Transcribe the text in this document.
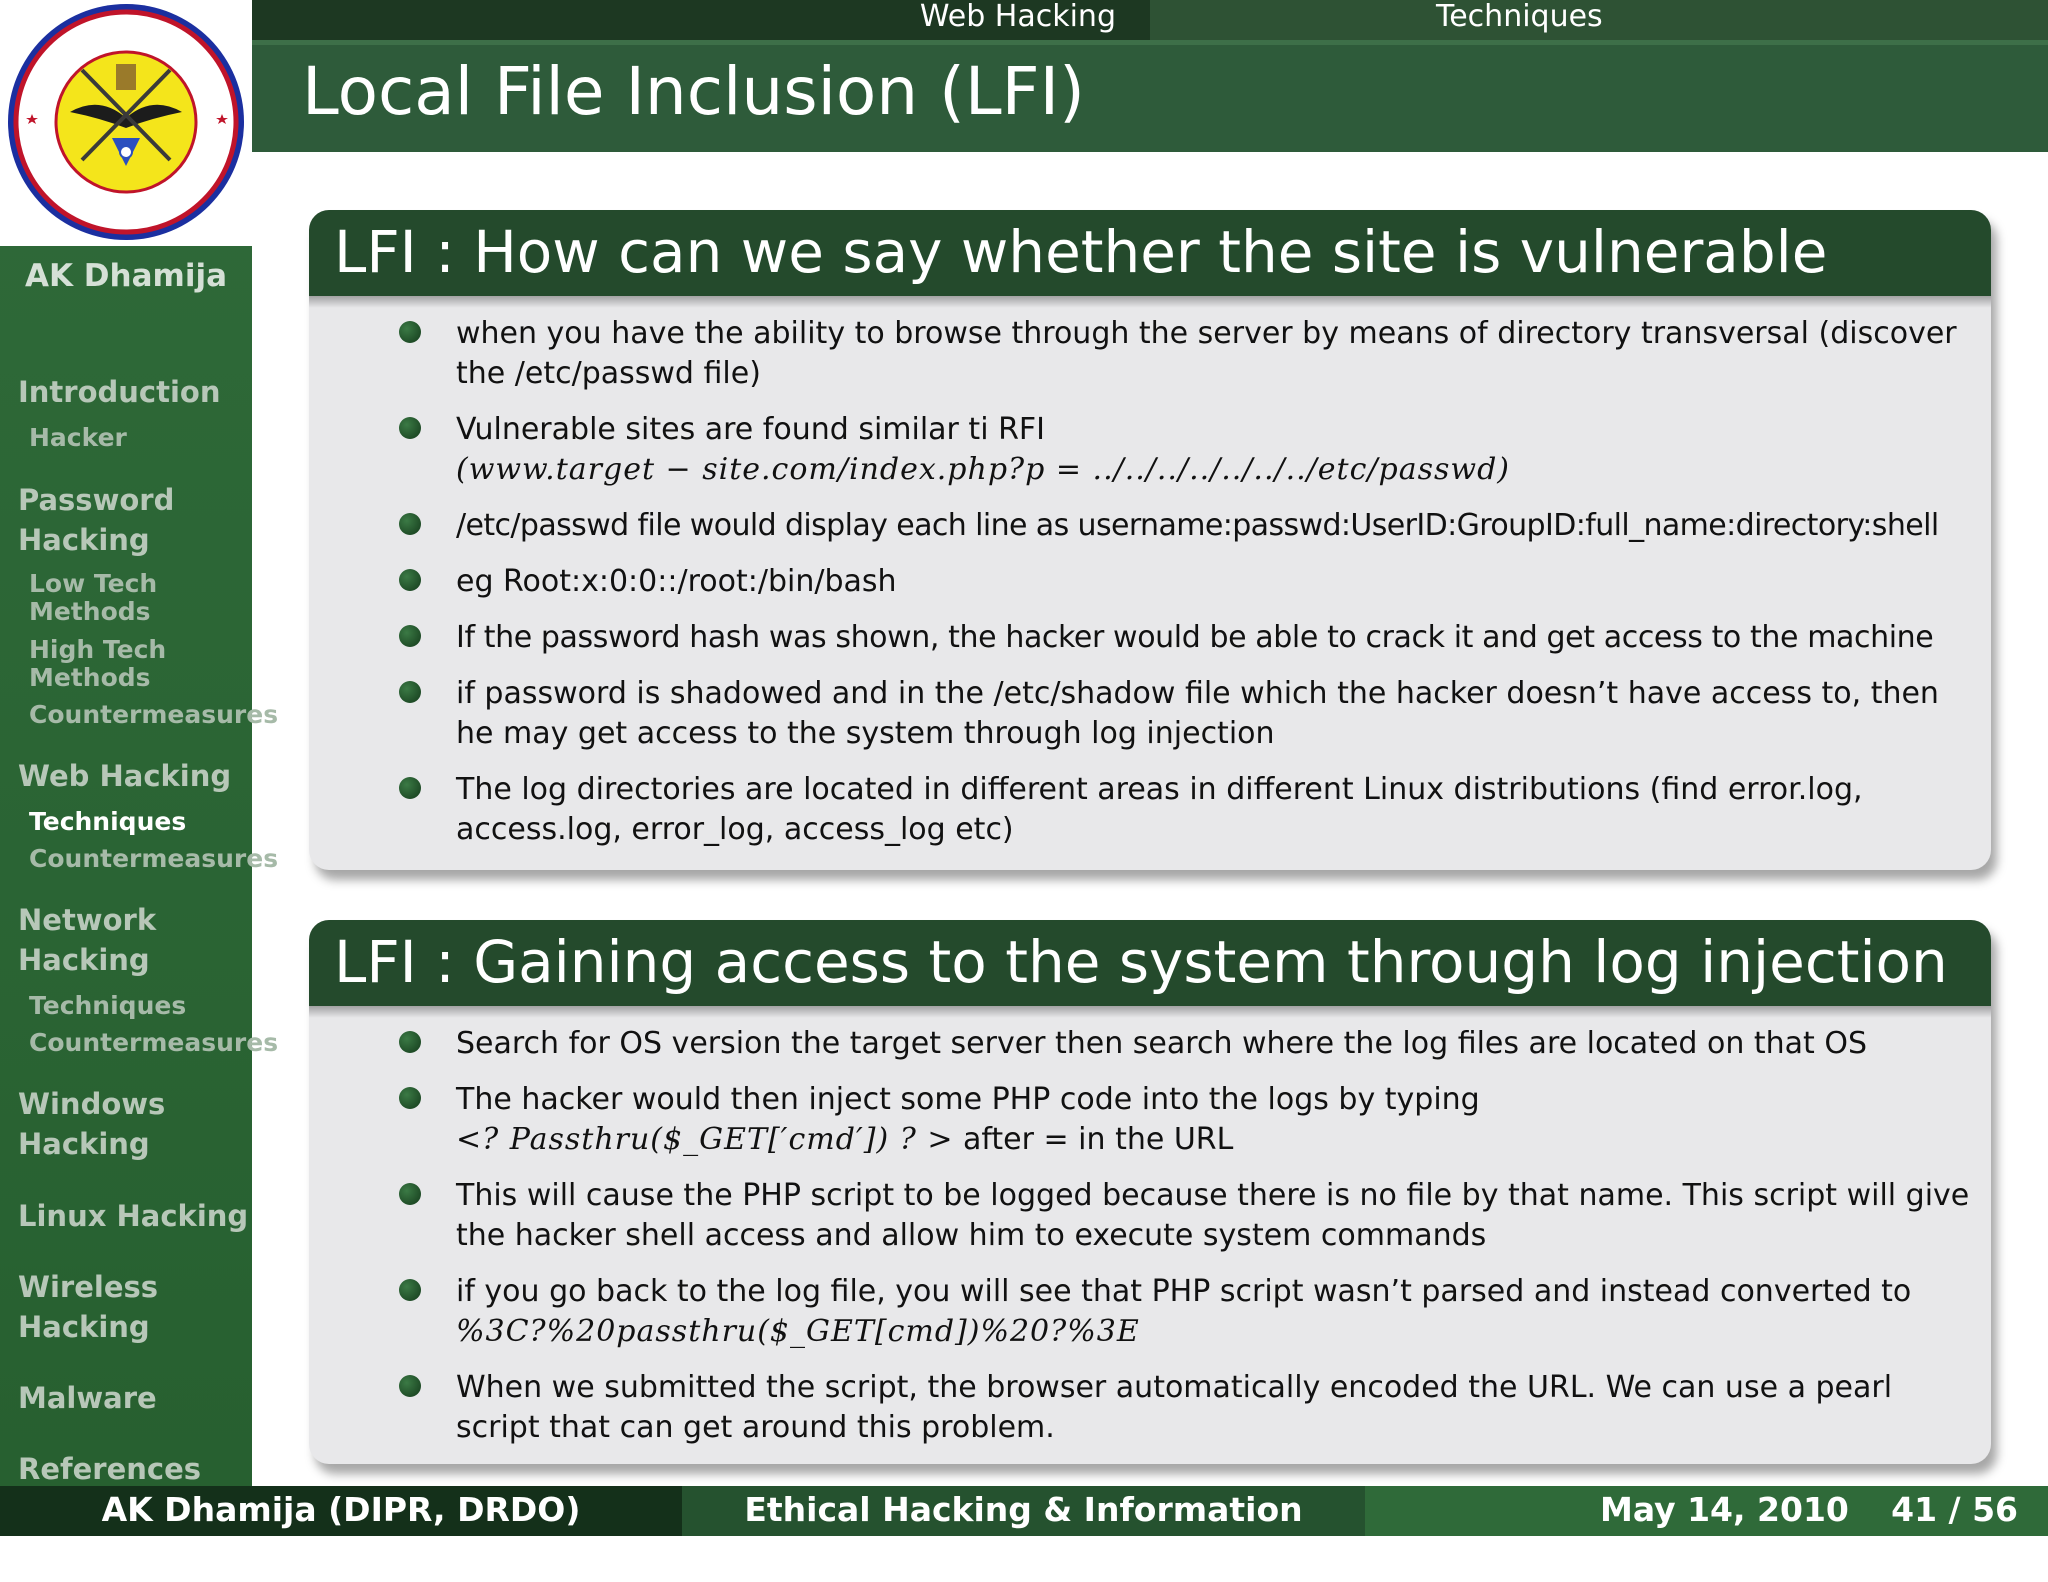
AK Dhamija
Introduction
Hacker
Password Hacking
Low Tech Methods
High Tech Methods
Countermeasures
Web Hacking
Techniques
Countermeasures
Network Hacking
Techniques
Countermeasures
Windows Hacking
Linux Hacking
Wireless Hacking
Malware
References
Web Hacking	Techniques
Local File Inclusion (LFI)
LFI : How can we say whether the site is vulnerable
when you have the ability to browse through the server by means of directory transversal (discover the /etc/passwd file)
Vulnerable sites are found similar ti RFI
(www.target − site.com/index.php?p = ../../../../../../../etc/passwd)
/etc/passwd file would display each line as username:passwd:UserID:GroupID:full_name:directory:shell
eg Root:x:0:0::/root:/bin/bash
If the password hash was shown, the hacker would be able to crack it and get access to the machine
if password is shadowed and in the /etc/shadow file which the hacker doesn’t have access to, then he may get access to the system through log injection
The log directories are located in different areas in different Linux distributions (find error.log, access.log, error_log, access_log etc)
LFI : Gaining access to the system through log injection
Search for OS version the target server then search where the log files are located on that OS
The hacker would then inject some PHP code into the logs by typing
<? Passthru($_GET[′cmd′]) ? > after = in the URL
This will cause the PHP script to be logged because there is no file by that name. This script will give the hacker shell access and allow him to execute system commands
if you go back to the log file, you will see that PHP script wasn’t parsed and instead converted to
%3C?%20passthru($_GET[cmd])%20?%3E
When we submitted the script, the browser automatically encoded the URL. We can use a pearl script that can get around this problem.
AK Dhamija (DIPR, DRDO)	Ethical Hacking & Information Security
May 14, 2010 41 / 56
